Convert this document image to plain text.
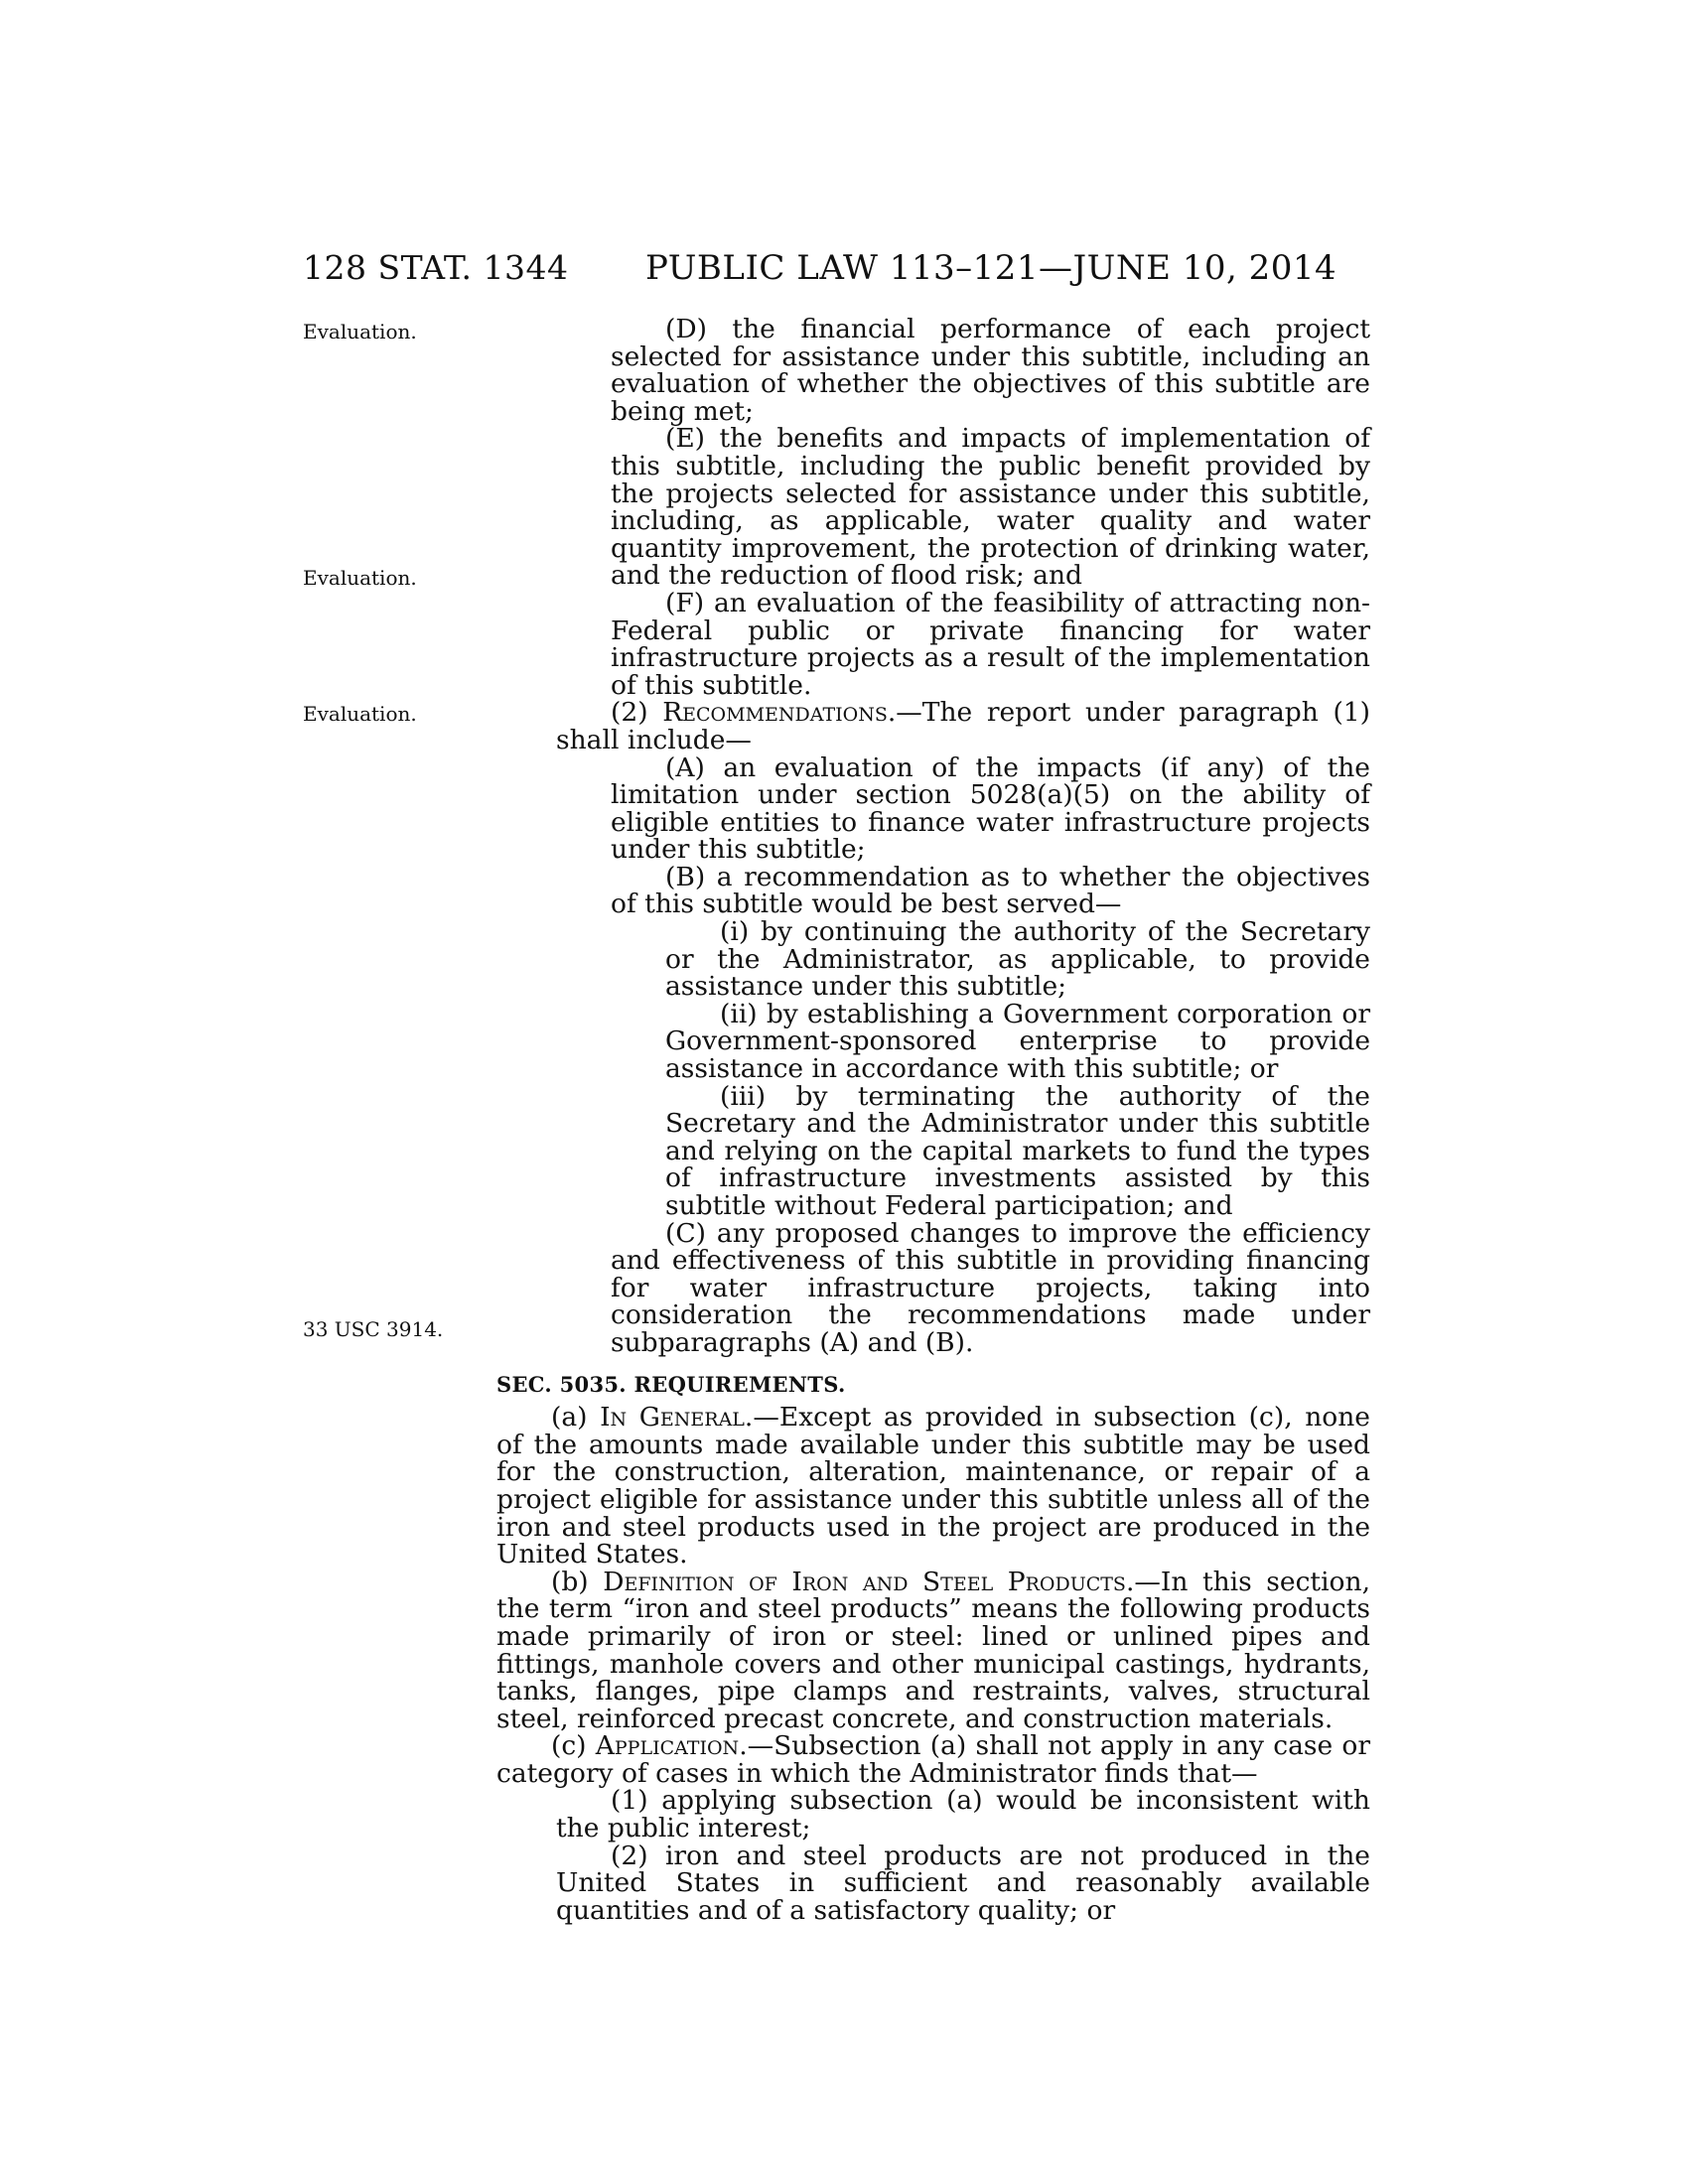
128 STAT. 1344 PUBLIC LAW 113–121—JUNE 10, 2014
Evaluation.
Evaluation.
Evaluation.
33 USC 3914.

(D) the financial performance of each project selected for assistance under this subtitle, including an evaluation of whether the objectives of this subtitle are being met;

(E) the benefits and impacts of implementation of this subtitle, including the public benefit provided by the projects selected for assistance under this subtitle, including, as applicable, water quality and water quantity improvement, the protection of drinking water, and the reduction of flood risk; and

(F) an evaluation of the feasibility of attracting non-Federal public or private financing for water infrastructure projects as a result of the implementation of this subtitle.

(2) Recommendations.—The report under paragraph (1) shall include—

(A) an evaluation of the impacts (if any) of the limitation under section 5028(a)(5) on the ability of eligible entities to finance water infrastructure projects under this subtitle;

(B) a recommendation as to whether the objectives of this subtitle would be best served—

(i) by continuing the authority of the Secretary or the Administrator, as applicable, to provide assistance under this subtitle;

(ii) by establishing a Government corporation or Government-sponsored enterprise to provide assistance in accordance with this subtitle; or

(iii) by terminating the authority of the Secretary and the Administrator under this subtitle and relying on the capital markets to fund the types of infrastructure investments assisted by this subtitle without Federal participation; and

(C) any proposed changes to improve the efficiency and effectiveness of this subtitle in providing financing for water infrastructure projects, taking into consideration the recommendations made under subparagraphs (A) and (B).

SEC. 5035. REQUIREMENTS.

(a) In General.—Except as provided in subsection (c), none of the amounts made available under this subtitle may be used for the construction, alteration, maintenance, or repair of a project eligible for assistance under this subtitle unless all of the iron and steel products used in the project are produced in the United States.

(b) Definition of Iron and Steel Products.—In this section, the term “iron and steel products” means the following products made primarily of iron or steel: lined or unlined pipes and fittings, manhole covers and other municipal castings, hydrants, tanks, flanges, pipe clamps and restraints, valves, structural steel, reinforced precast concrete, and construction materials.

(c) Application.—Subsection (a) shall not apply in any case or category of cases in which the Administrator finds that—

(1) applying subsection (a) would be inconsistent with the public interest;

(2) iron and steel products are not produced in the United States in sufficient and reasonably available quantities and of a satisfactory quality; or
